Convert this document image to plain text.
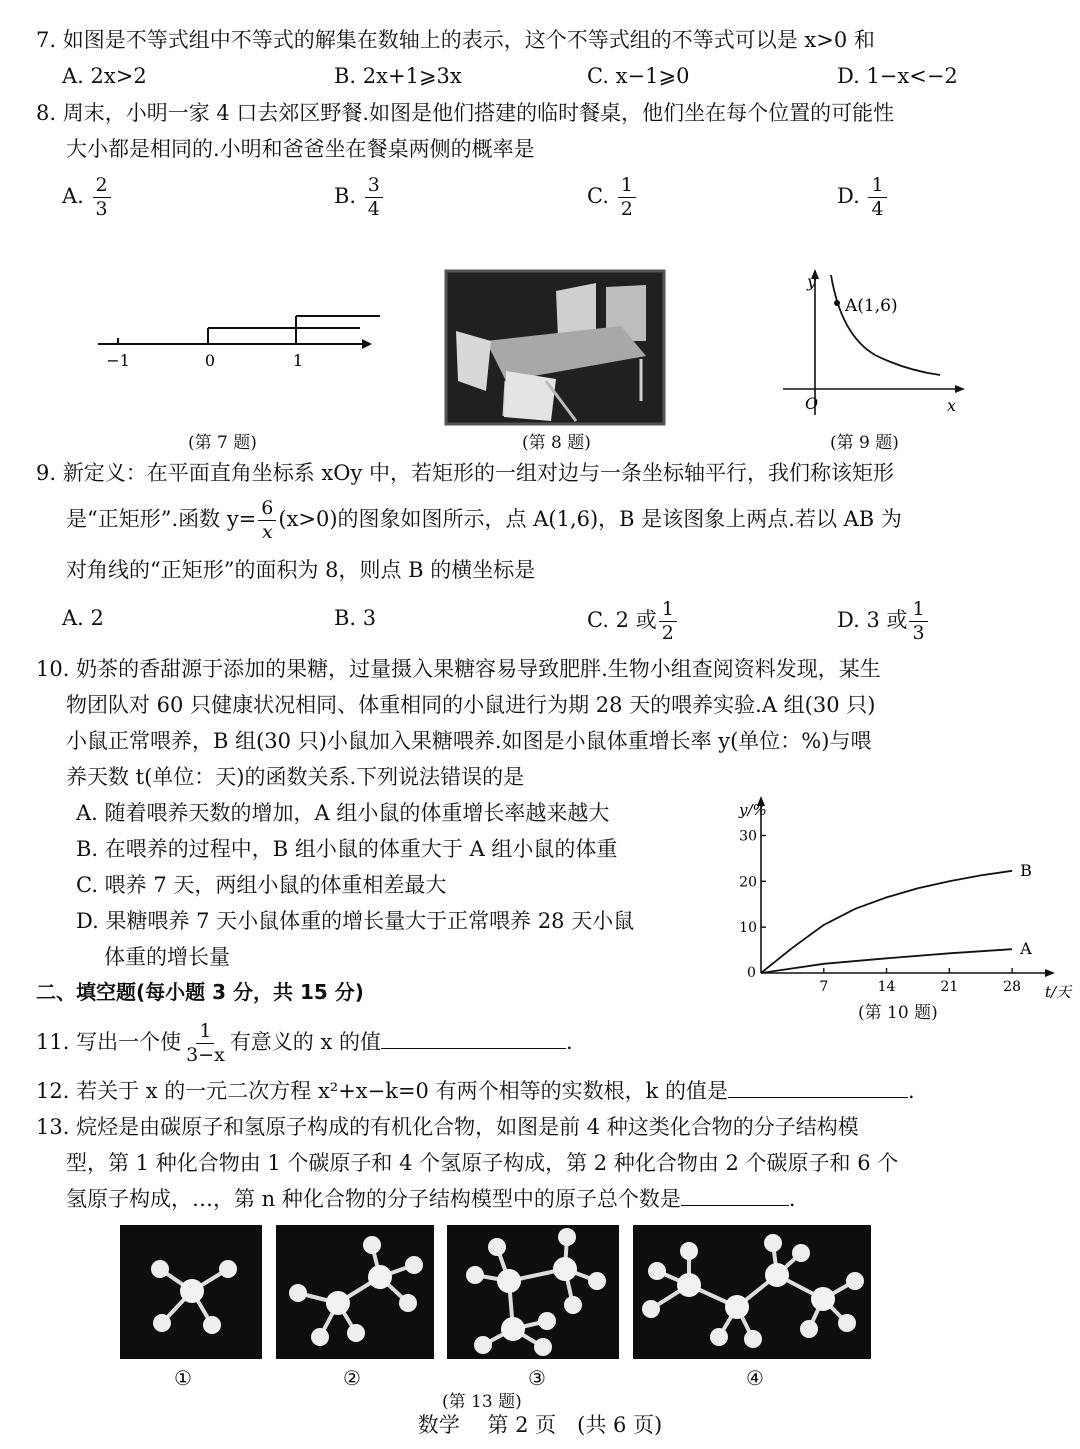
7. 如图是不等式组中不等式的解集在数轴上的表示，这个不等式组的不等式可以是 x>0 和
A. 2x>2	B. 2x+1⩾3x	C. x−1⩾0	D. 1−x<−2
8. 周末，小明一家 4 口去郊区野餐.如图是他们搭建的临时餐桌，他们坐在每个位置的可能性
大小都是相同的.小明和爸爸坐在餐桌两侧的概率是
A. $\frac{2}{3}$	B. $\frac{3}{4}$	C. $\frac{1}{2}$	D. $\frac{1}{4}$
−1	0	1
(第 7 题)	(第 8 题)
y
x
O
A(1,6)
(第 9 题)
9. 新定义：在平面直角坐标系 xOy 中，若矩形的一组对边与一条坐标轴平行，我们称该矩形
是“正矩形”.函数 $y= \frac{6}{x} (x>0)$的图象如图所示，点 A(1,6)，B 是该图象上两点.若以 AB 为
对角线的“正矩形”的面积为 8，则点 B 的横坐标是
A. 2	B. 3	C. 2 或 $\frac{1}{2}$	D. 3 或 $\frac{1}{3}$
10. 奶茶的香甜源于添加的果糖，过量摄入果糖容易导致肥胖.生物小组查阅资料发现，某生
物团队对 60 只健康状况相同、体重相同的小鼠进行为期 28 天的喂养实验.A 组(30 只)
小鼠正常喂养，B 组(30 只)小鼠加入果糖喂养.如图是小鼠体重增长率 y(单位：%)与喂
养天数 t(单位：天)的函数关系.下列说法错误的是
A. 随着喂养天数的增加，A 组小鼠的体重增长率越来越大
B. 在喂养的过程中，B 组小鼠的体重大于 A 组小鼠的体重
C. 喂养 7 天，两组小鼠的体重相差最大
D. 果糖喂养 7 天小鼠体重的增长量大于正常喂养 28 天小鼠
体重的增长量
y/%
t/天
0
7	14	21	28
10
20
30
B
A
(第 10 题)
二、填空题(每小题 3 分，共 15 分)
11. 写出一个使 $\frac{1}{3-x}$ 有意义的 x 的值	.
12. 若关于 x 的一元二次方程 x²+x−k=0 有两个相等的实数根，k 的值是	.
13. 烷烃是由碳原子和氢原子构成的有机化合物，如图是前 4 种这类化合物的分子结构模
型，第 1 种化合物由 1 个碳原子和 4 个氢原子构成，第 2 种化合物由 2 个碳原子和 6 个
氢原子构成，…，第 n 种化合物的分子结构模型中的原子总个数是	.
①	②	③	④
(第 13 题)
数学　 第 2 页　(共 6 页)
